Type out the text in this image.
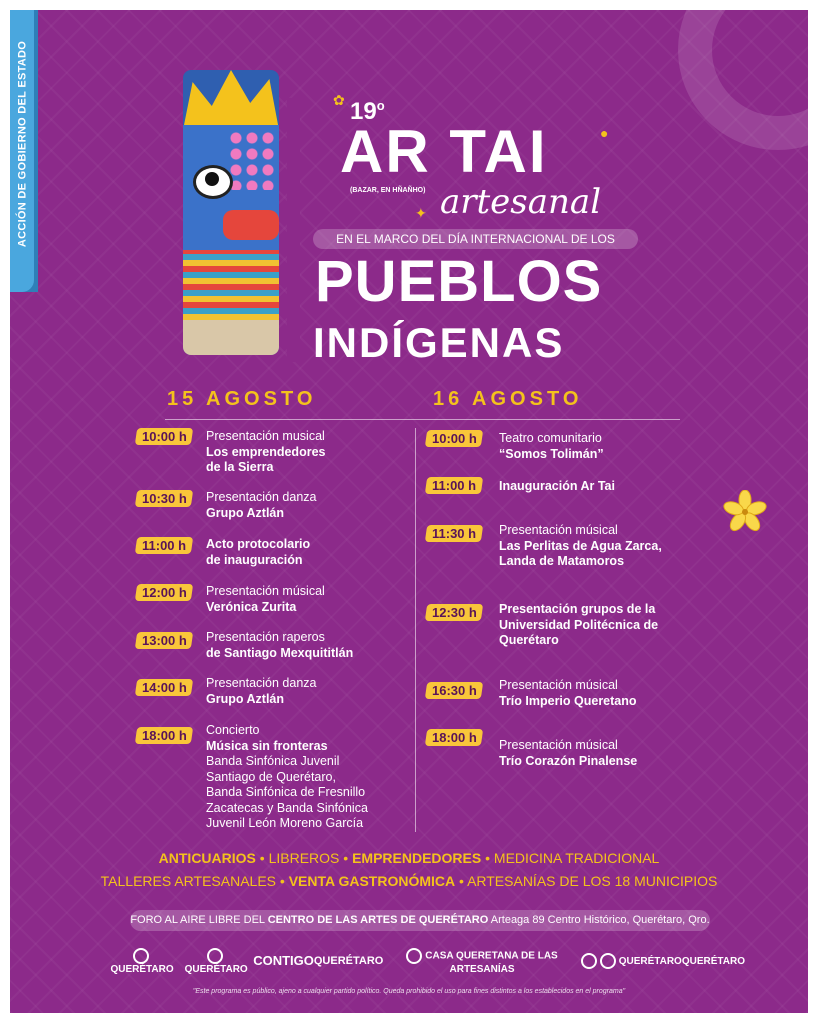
ACCIÓN DE GOBIERNO DEL ESTADO	✿ 19$^o$
AR TAI
(BAZAR, EN HÑAÑHO) artesanal
✦
●
EN EL MARCO DEL DÍA INTERNACIONAL DE LOS
PUEBLOS
INDÍGENAS
15 AGOSTO	16 AGOSTO
10:00 h	Presentación musical
Los emprendedores
de la Sierra
10:30 h	Presentación danza
Grupo Aztlán
11:00 h	Acto protocolario
de inauguración
12:00 h	Presentación músical
Verónica Zurita
13:00 h	Presentación raperos
de Santiago Mexquititlán
14:00 h	Presentación danza
Grupo Aztlán
18:00 h	Concierto
Música sin fronteras
Banda Sinfónica Juvenil
Santiago de Querétaro,
Banda Sinfónica de Fresnillo
Zacatecas y Banda Sinfónica
Juvenil León Moreno García
10:00 h	Teatro comunitario
“Somos Tolimán”
11:00 h	Inauguración Ar Tai
11:30 h	Presentación músical
Las Perlitas de Agua Zarca,
Landa de Matamoros
12:30 h	Presentación grupos de la
Universidad Politécnica de
Querétaro
16:30 h	Presentación músical
Trío Imperio Queretano
18:00 h	Presentación músical
Trío Corazón Pinalense
ANTICUARIOS • LIBREROS • EMPRENDEDORES • MEDICINA TRADICIONAL
TALLERES ARTESANALES • VENTA GASTRONÓMICA • ARTESANÍAS DE LOS 18 MUNICIPIOS
FORO AL AIRE LIBRE DEL CENTRO DE LAS ARTES DE QUERÉTARO Arteaga 89 Centro Histórico, Querétaro, Qro.
QUERÉTARO	QUERÉTARO
CONTIGO QUERÉTARO	CASA QUERETANA DE LAS ARTESANÍAS
QUERÉTARO QUERÉTARO
"Este programa es público, ajeno a cualquier partido político. Queda prohibido el uso para fines distintos a los establecidos en el programa"
